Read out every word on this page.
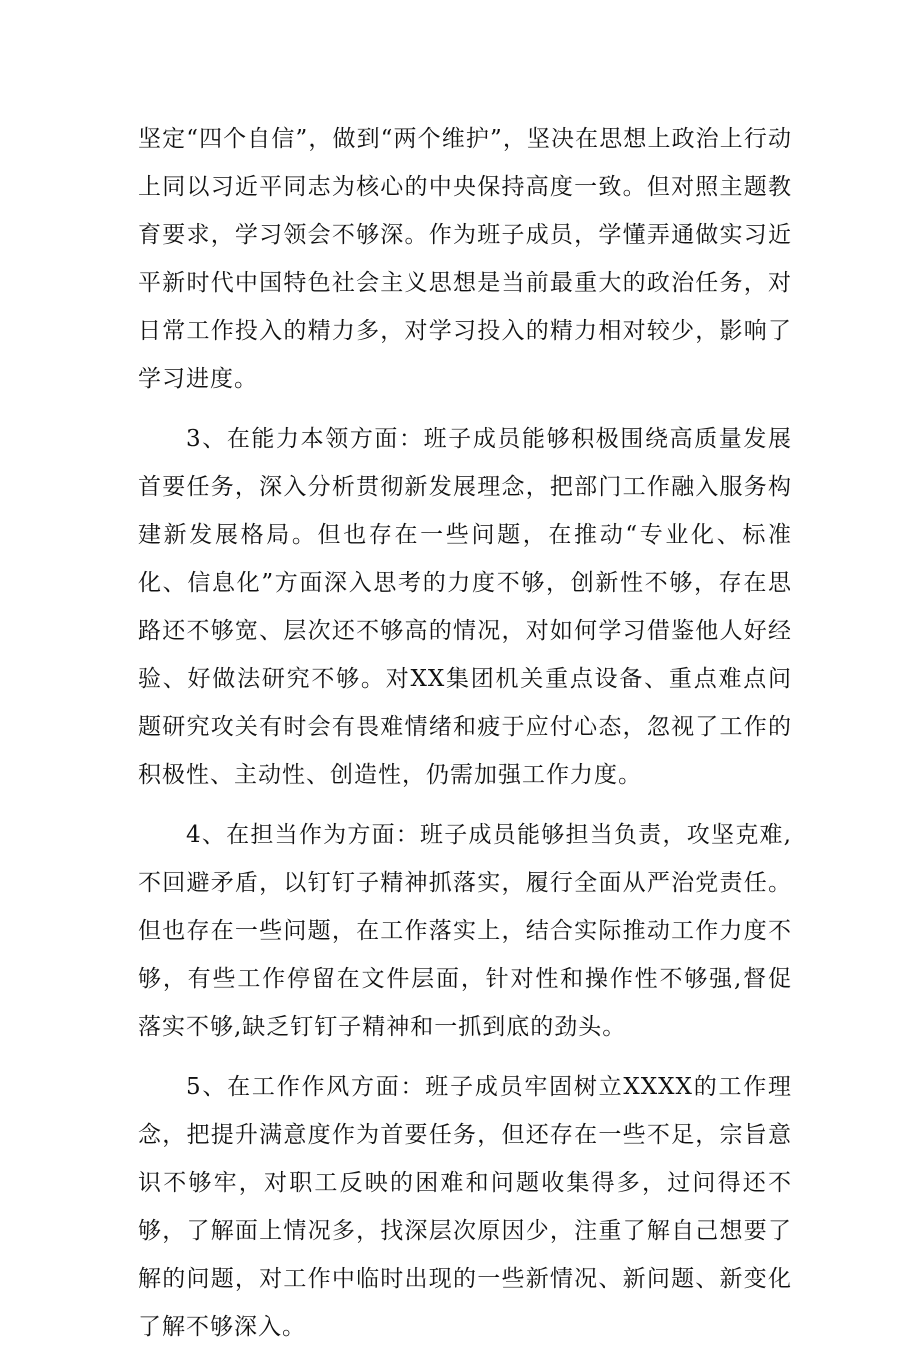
坚定“四个自信”，做到“两个维护”，坚决在思想上政治上行动上同以习近平同志为核心的中央保持高度一致。但对照主题教育要求，学习领会不够深。作为班子成员，学懂弄通做实习近平新时代中国特色社会主义思想是当前最重大的政治任务，对日常工作投入的精力多，对学习投入的精力相对较少，影响了学习进度。

3、在能力本领方面：班子成员能够积极围绕高质量发展首要任务，深入分析贯彻新发展理念，把部门工作融入服务构建新发展格局。但也存在一些问题，在推动“专业化、标准化、信息化”方面深入思考的力度不够，创新性不够，存在思路还不够宽、层次还不够高的情况，对如何学习借鉴他人好经验、好做法研究不够。对XX集团机关重点设备、重点难点问题研究攻关有时会有畏难情绪和疲于应付心态，忽视了工作的积极性、主动性、创造性，仍需加强工作力度。

4、在担当作为方面：班子成员能够担当负责，攻坚克难,不回避矛盾，以钉钉子精神抓落实，履行全面从严治党责任。但也存在一些问题，在工作落实上，结合实际推动工作力度不够，有些工作停留在文件层面，针对性和操作性不够强,督促落实不够,缺乏钉钉子精神和一抓到底的劲头。

5、在工作作风方面：班子成员牢固树立XXXX的工作理念，把提升满意度作为首要任务，但还存在一些不足，宗旨意识不够牢，对职工反映的困难和问题收集得多，过问得还不够，了解面上情况多，找深层次原因少，注重了解自己想要了解的问题，对工作中临时出现的一些新情况、新问题、新变化了解不够深入。
